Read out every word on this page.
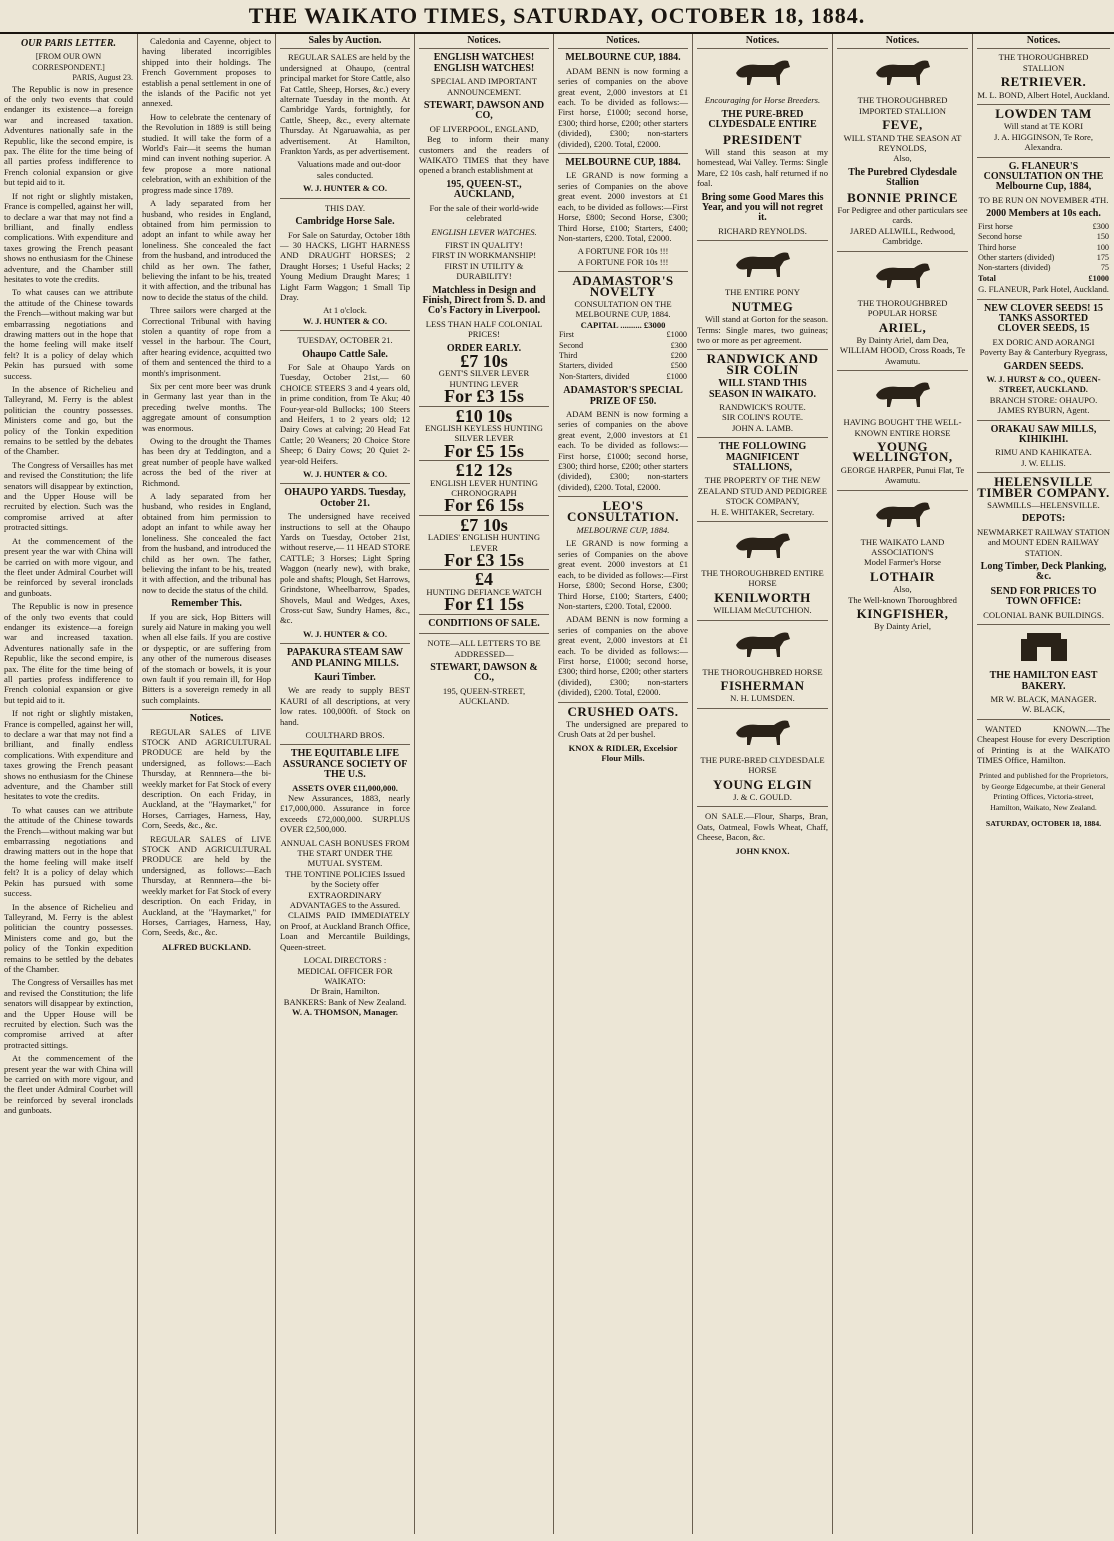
THE WAIKATO TIMES, SATURDAY, OCTOBER 18, 1884.
OUR PARIS LETTER.
[FROM OUR OWN CORRESPONDENT.]
PARIS, August 23.

The Republic is now in presence of the only two events that could endanger its existence—a foreign war and increased taxation. Adventures nationally safe in the Republic, like the second empire, is pax. The élite for the time being of all parties profess indifference to French colonial expansion or give but tepid aid to it.

If not right or slightly mistaken, France is compelled, against her will, to declare a war that may not find a brilliant, and finally endless complications. With expenditure and taxes growing the French peasant shows no enthusiasm for the Chinese adventure, and the Chamber still hesitates to vote the credits.

To what causes can we attribute the attitude of the Chinese towards the French—without making war but embarrassing negotiations and drawing matters out in the hope that the home feeling will make itself felt? It is a policy of delay which Pekin has pursued with some success.

In the absence of Richelieu and Talleyrand, M. Ferry is the ablest politician the country possesses. Ministers come and go, but the policy of the Tonkin expedition remains to be settled by the debates of the Chamber.

The Congress of Versailles has met and revised the Constitution; the life senators will disappear by extinction, and the Upper House will be recruited by election. Such was the compromise arrived at after protracted sittings.

At the commencement of the present year the war with China will be carried on with more vigour, and the fleet under Admiral Courbet will be reinforced by several ironclads and gunboats.

The Republic is now in presence of the only two events that could endanger its existence—a foreign war and increased taxation. Adventures nationally safe in the Republic, like the second empire, is pax. The élite for the time being of all parties profess indifference to French colonial expansion or give but tepid aid to it.

If not right or slightly mistaken, France is compelled, against her will, to declare a war that may not find a brilliant, and finally endless complications. With expenditure and taxes growing the French peasant shows no enthusiasm for the Chinese adventure, and the Chamber still hesitates to vote the credits.

To what causes can we attribute the attitude of the Chinese towards the French—without making war but embarrassing negotiations and drawing matters out in the hope that the home feeling will make itself felt? It is a policy of delay which Pekin has pursued with some success.

In the absence of Richelieu and Talleyrand, M. Ferry is the ablest politician the country possesses. Ministers come and go, but the policy of the Tonkin expedition remains to be settled by the debates of the Chamber.

The Congress of Versailles has met and revised the Constitution; the life senators will disappear by extinction, and the Upper House will be recruited by election. Such was the compromise arrived at after protracted sittings.

At the commencement of the present year the war with China will be carried on with more vigour, and the fleet under Admiral Courbet will be reinforced by several ironclads and gunboats.

Caledonia and Cayenne, object to having liberated incorrigibles shipped into their holdings. The French Government proposes to establish a penal settlement in one of the islands of the Pacific not yet annexed.

How to celebrate the centenary of the Revolution in 1889 is still being studied. It will take the form of a World's Fair—it seems the human mind can invent nothing superior. A few propose a more national celebration, with an exhibition of the progress made since 1789.

A lady separated from her husband, who resides in England, obtained from him permission to adopt an infant to while away her loneliness. She concealed the fact from the husband, and introduced the child as her own. The father, believing the infant to be his, treated it with affection, and the tribunal has now to decide the status of the child.

Three sailors were charged at the Correctional Tribunal with having stolen a quantity of rope from a vessel in the harbour. The Court, after hearing evidence, acquitted two of them and sentenced the third to a month's imprisonment.

Six per cent more beer was drunk in Germany last year than in the preceding twelve months. The aggregate amount of consumption was enormous.

Owing to the drought the Thames has been dry at Teddington, and a great number of people have walked across the bed of the river at Richmond.

A lady separated from her husband, who resides in England, obtained from him permission to adopt an infant to while away her loneliness. She concealed the fact from the husband, and introduced the child as her own. The father, believing the infant to be his, treated it with affection, and the tribunal has now to decide the status of the child.

Remember This.

If you are sick, Hop Bitters will surely aid Nature in making you well when all else fails. If you are costive or dyspeptic, or are suffering from any other of the numerous diseases of the stomach or bowels, it is your own fault if you remain ill, for Hop Bitters is a sovereign remedy in all such complaints.

Notices.

REGULAR SALES of LIVE STOCK AND AGRICULTURAL PRODUCE are held by the undersigned, as follows:—Each Thursday, at Rennnera—the bi-weekly market for Fat Stock of every description. On each Friday, in Auckland, at the "Haymarket," for Horses, Carriages, Harness, Hay, Corn, Seeds, &c., &c.

REGULAR SALES of LIVE STOCK AND AGRICULTURAL PRODUCE are held by the undersigned, as follows:—Each Thursday, at Rennnera—the bi-weekly market for Fat Stock of every description. On each Friday, in Auckland, at the "Haymarket," for Horses, Carriages, Harness, Hay, Corn, Seeds, &c., &c.

ALFRED BUCKLAND.
Sales by Auction.

REGULAR SALES are held by the undersigned at Ohaupo, (central principal market for Store Cattle, also Fat Cattle, Sheep, Horses, &c.) every alternate Tuesday in the month. At Cambridge Yards, fortnightly, for Cattle, Sheep, &c., every alternate Thursday. At Ngaruawahia, as per advertisement. At Hamilton, Frankton Yards, as per advertisement.

Valuations made and out-door sales conducted.

W. J. HUNTER & CO.
THIS DAY.
Cambridge Horse Sale.

For Sale on Saturday, October 18th— 30 HACKS, LIGHT HARNESS AND DRAUGHT HORSES; 2 Draught Horses; 1 Useful Hacks; 2 Young Medium Draught Mares; 1 Light Farm Waggon; 1 Small Tip Dray.

At 1 o'clock.
W. J. HUNTER & CO.
TUESDAY, OCTOBER 21.
Ohaupo Cattle Sale.

For Sale at Ohaupo Yards on Tuesday, October 21st,— 60 CHOICE STEERS 3 and 4 years old, in prime condition, from Te Aku; 40 Four-year-old Bullocks; 100 Steers and Heifers, 1 to 2 years old; 12 Dairy Cows at calving; 20 Head Fat Cattle; 20 Weaners; 20 Choice Store Sheep; 6 Dairy Cows; 20 Quiet 2-year-old Heifers.

W. J. HUNTER & CO.
OHAUPO YARDS. Tuesday, October 21.

The undersigned have received instructions to sell at the Ohaupo Yards on Tuesday, October 21st, without reserve,— 11 HEAD STORE CATTLE; 3 Horses; Light Spring Waggon (nearly new), with brake, pole and shafts; Plough, Set Harrows, Grindstone, Wheelbarrow, Spades, Shovels, Maul and Wedges, Axes, Cross-cut Saw, Sundry Hames, &c., &c.

W. J. HUNTER & CO.
PAPAKURA STEAM SAW AND PLANING MILLS.
Kauri Timber.

We are ready to supply BEST KAURI of all descriptions, at very low rates. 100,000ft. of Stock on hand.

COULTHARD BROS.
THE EQUITABLE LIFE ASSURANCE SOCIETY OF THE U.S.
ASSETS OVER £11,000,000.

New Assurances, 1883, nearly £17,000,000. Assurance in force exceeds £72,000,000. SURPLUS OVER £2,500,000.

ANNUAL CASH BONUSES FROM THE START UNDER THE MUTUAL SYSTEM.
THE TONTINE POLICIES Issued by the Society offer EXTRAORDINARY ADVANTAGES to the Assured.

CLAIMS PAID IMMEDIATELY on Proof, at Auckland Branch Office, Loan and Mercantile Buildings, Queen-street.

LOCAL DIRECTORS :
MEDICAL OFFICER FOR WAIKATO:
Dr Brain, Hamilton.
BANKERS: Bank of New Zealand.
W. A. THOMSON, Manager.
Notices.
ENGLISH WATCHES! ENGLISH WATCHES!
SPECIAL AND IMPORTANT ANNOUNCEMENT.
STEWART, DAWSON AND CO,
OF LIVERPOOL, ENGLAND,

Beg to inform their many customers and the readers of WAIKATO TIMES that they have opened a branch establishment at

195, QUEEN-ST., AUCKLAND,
For the sale of their world-wide celebrated
ENGLISH LEVER WATCHES.
FIRST IN QUALITY!
FIRST IN WORKMANSHIP!
FIRST IN UTILITY & DURABILITY!
Matchless in Design and Finish, Direct from S. D. and Co's Factory in Liverpool.
LESS THAN HALF COLONIAL PRICES!
ORDER EARLY.
£7 10s
GENT'S SILVER LEVER HUNTING LEVER
For £3 15s
£10 10s
ENGLISH KEYLESS HUNTING SILVER LEVER
For £5 15s
£12 12s
ENGLISH LEVER HUNTING CHRONOGRAPH
For £6 15s
£7 10s
LADIES' ENGLISH HUNTING LEVER
For £3 15s
£4
HUNTING DEFIANCE WATCH
For £1 15s
CONDITIONS OF SALE.
NOTE—ALL LETTERS TO BE ADDRESSED—
STEWART, DAWSON & CO.,
195, QUEEN-STREET, AUCKLAND.
Notices.
MELBOURNE CUP, 1884.

ADAM BENN is now forming a series of companies on the above great event, 2,000 investors at £1 each. To be divided as follows:—First horse, £1000; second horse, £300; third horse, £200; other starters (divided), £300; non-starters (divided), £200. Total, £2000.

MELBOURNE CUP, 1884.

LE GRAND is now forming a series of Companies on the above great event. 2000 investors at £1 each, to be divided as follows:—First Horse, £800; Second Horse, £300; Third Horse, £100; Starters, £400; Non-starters, £200. Total, £2000.

A FORTUNE FOR 10s !!!
A FORTUNE FOR 10s !!!
ADAMASTOR'S NOVELTY
CONSULTATION ON THE MELBOURNE CUP, 1884.
CAPITAL .......... £3000
First	£1000
Second	£300
Third	£200
Starters, divided	£500
Non-Starters, divided	£1000
ADAMASTOR'S SPECIAL PRIZE OF £50.

ADAM BENN is now forming a series of companies on the above great event, 2,000 investors at £1 each. To be divided as follows:—First horse, £1000; second horse, £300; third horse, £200; other starters (divided), £300; non-starters (divided), £200. Total, £2000.

LEO'S CONSULTATION.
MELBOURNE CUP, 1884.

LE GRAND is now forming a series of Companies on the above great event. 2000 investors at £1 each, to be divided as follows:—First Horse, £800; Second Horse, £300; Third Horse, £100; Starters, £400; Non-starters, £200. Total, £2000.

ADAM BENN is now forming a series of companies on the above great event, 2,000 investors at £1 each. To be divided as follows:—First horse, £1000; second horse, £300; third horse, £200; other starters (divided), £300; non-starters (divided), £200. Total, £2000.

CRUSHED OATS.

The undersigned are prepared to Crush Oats at 2d per bushel.

KNOX & RIDLER, Excelsior Flour Mills.
Notices.
Encouraging for Horse Breeders.
THE PURE-BRED CLYDESDALE ENTIRE
PRESIDENT

Will stand this season at my homestead, Wai Valley. Terms: Single Mare, £2 10s cash, half returned if no foal.

Bring some Good Mares this Year, and you will not regret it.
RICHARD REYNOLDS.
THE ENTIRE PONY
NUTMEG

Will stand at Gorton for the season. Terms: Single mares, two guineas; two or more as per agreement.

RANDWICK AND SIR COLIN
WILL STAND THIS SEASON IN WAIKATO.
RANDWICK'S ROUTE.
SIR COLIN'S ROUTE.
JOHN A. LAMB.
THE FOLLOWING MAGNIFICENT STALLIONS,
THE PROPERTY OF THE NEW ZEALAND STUD AND PEDIGREE STOCK COMPANY,
H. E. WHITAKER, Secretary.
THE THOROUGHBRED ENTIRE HORSE
KENILWORTH
WILLIAM McCUTCHION.
THE THOROUGHBRED HORSE
FISHERMAN
N. H. LUMSDEN.
THE PURE-BRED CLYDESDALE HORSE
YOUNG ELGIN
J. & C. GOULD.

ON SALE.—Flour, Sharps, Bran, Oats, Oatmeal, Fowls Wheat, Chaff, Cheese, Bacon, &c.

JOHN KNOX.
Notices.
THE THOROUGHBRED IMPORTED STALLION
FEVE,
WILL STAND THE SEASON AT REYNOLDS,
Also,
The Purebred Clydesdale Stallion
BONNIE PRINCE
For Pedigree and other particulars see cards.
JARED ALLWILL, Redwood, Cambridge.
THE THOROUGHBRED POPULAR HORSE
ARIEL,
By Dainty Ariel, dam Dea,
WILLIAM HOOD, Cross Roads, Te Awamutu.
HAVING BOUGHT THE WELL-KNOWN ENTIRE HORSE
YOUNG WELLINGTON,
GEORGE HARPER, Punui Flat, Te Awamutu.
THE WAIKATO LAND ASSOCIATION'S
Model Farmer's Horse
LOTHAIR
Also,
The Well-known Thoroughbred
KINGFISHER,
By Dainty Ariel,
Notices.
THE THOROUGHBRED STALLION
RETRIEVER.
M. L. BOND, Albert Hotel, Auckland.
LOWDEN TAM
Will stand at TE KORI
J. A. HIGGINSON, Te Rore, Alexandra.
G. FLANEUR'S CONSULTATION ON THE Melbourne Cup, 1884,
TO BE RUN ON NOVEMBER 4TH.
2000 Members at 10s each.
First horse	£300
Second horse	150
Third horse	100
Other starters (divided)	175
Non-starters (divided)	75
Total	£1000
G. FLANEUR, Park Hotel, Auckland.
NEW CLOVER SEEDS! 15 TANKS ASSORTED CLOVER SEEDS, 15
EX DORIC AND AORANGI
Poverty Bay & Canterbury Ryegrass,
GARDEN SEEDS.
W. J. HURST & CO., QUEEN-STREET, AUCKLAND.
BRANCH STORE: OHAUPO. JAMES RYBURN, Agent.
ORAKAU SAW MILLS, KIHIKIHI.
RIMU AND KAHIKATEA.
J. W. ELLIS.
HELENSVILLE TIMBER COMPANY.
SAWMILLS—HELENSVILLE.
DEPOTS:
NEWMARKET RAILWAY STATION and MOUNT EDEN RAILWAY STATION.
Long Timber, Deck Planking, &c.
SEND FOR PRICES TO TOWN OFFICE:
COLONIAL BANK BUILDINGS.
THE HAMILTON EAST BAKERY.
MR W. BLACK, MANAGER.
W. BLACK,

WANTED KNOWN.—The Cheapest House for every Description of Printing is at the WAIKATO TIMES Office, Hamilton.

Printed and published for the Proprietors, by George Edgecumbe, at their General Printing Offices, Victoria-street, Hamilton, Waikato, New Zealand.
SATURDAY, OCTOBER 18, 1884.
